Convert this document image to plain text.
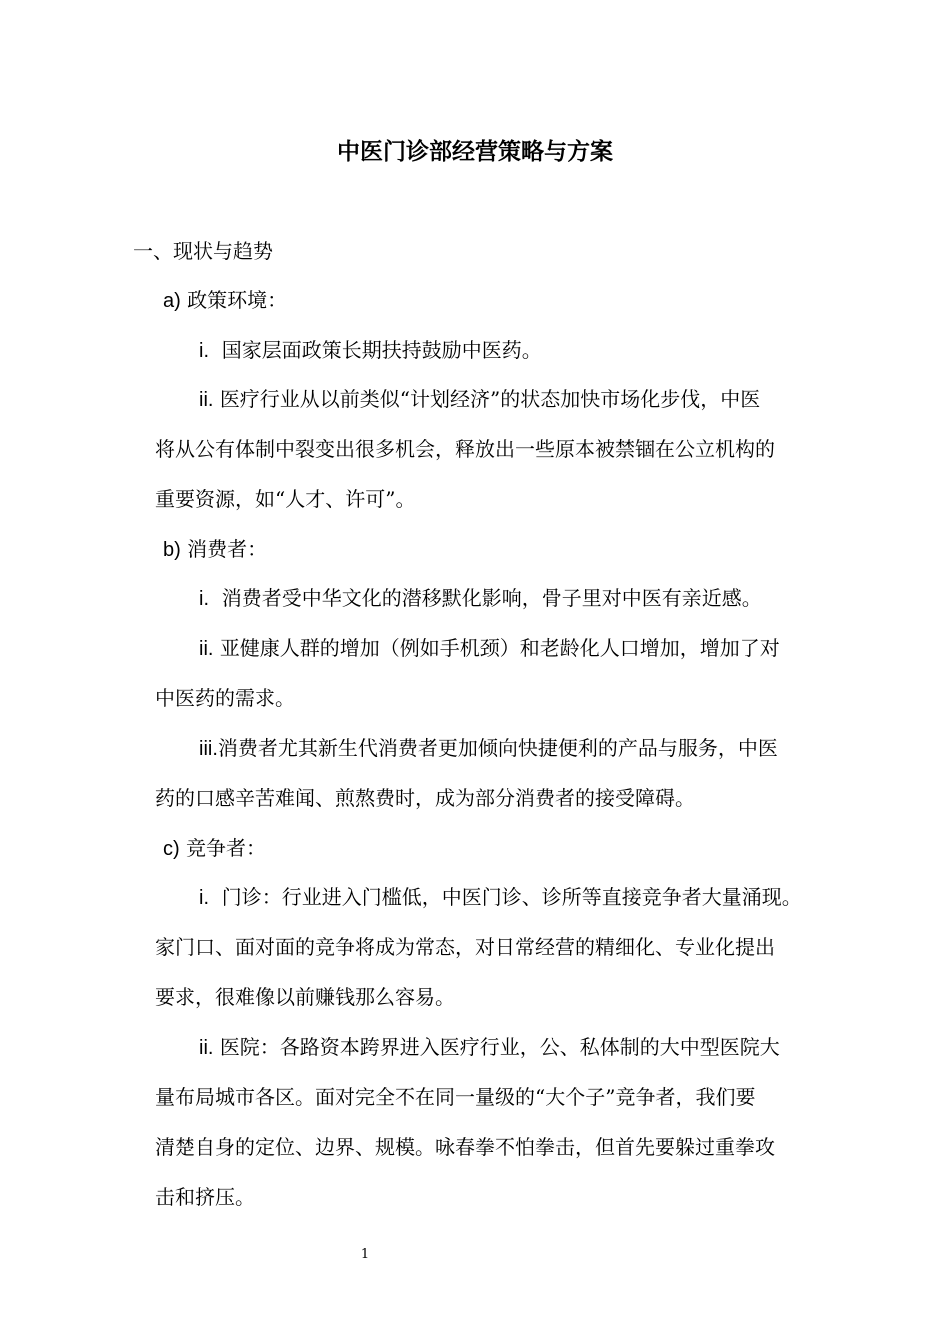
中医门诊部经营策略与方案
一、现状与趋势
a) 政策环境：
i. 国家层面政策长期扶持鼓励中医药。
ii. 医疗行业从以前类似“计划经济”的状态加快市场化步伐，中医
将从公有体制中裂变出很多机会，释放出一些原本被禁锢在公立机构的
重要资源，如“人才、许可”。
b) 消费者：
i. 消费者受中华文化的潜移默化影响，骨子里对中医有亲近感。
ii. 亚健康人群的增加（例如手机颈）和老龄化人口增加，增加了对
中医药的需求。
iii.消费者尤其新生代消费者更加倾向快捷便利的产品与服务，中医
药的口感辛苦难闻、煎熬费时，成为部分消费者的接受障碍。
c) 竞争者：
i. 门诊：行业进入门槛低，中医门诊、诊所等直接竞争者大量涌现。
家门口、面对面的竞争将成为常态，对日常经营的精细化、专业化提出
要求，很难像以前赚钱那么容易。
ii. 医院：各路资本跨界进入医疗行业，公、私体制的大中型医院大
量布局城市各区。面对完全不在同一量级的“大个子”竞争者，我们要
清楚自身的定位、边界、规模。咏春拳不怕拳击，但首先要躲过重拳攻
击和挤压。
1
